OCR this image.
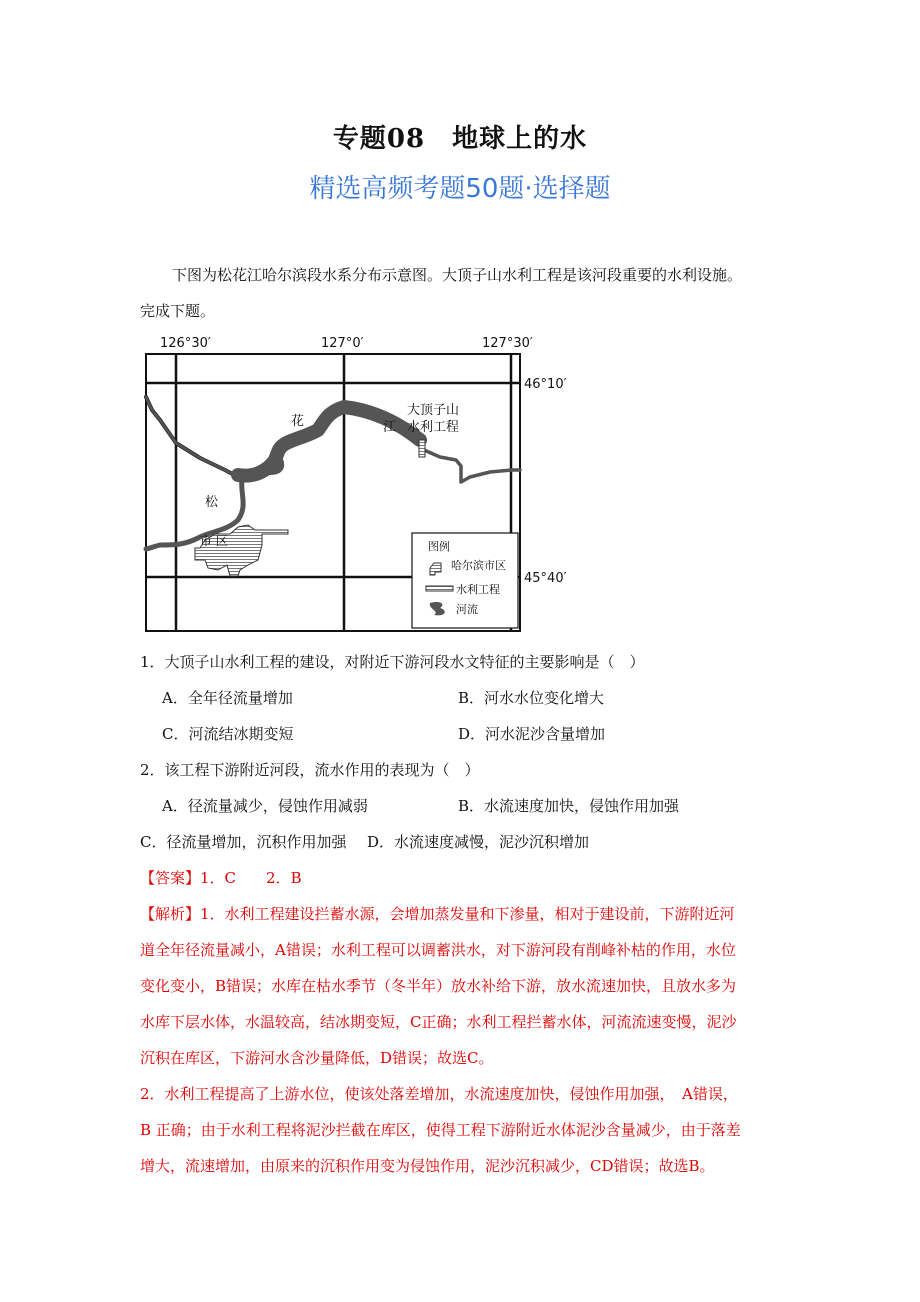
专题08　地球上的水
精选高频考题50题·选择题
下图为松花江哈尔滨段水系分布示意图。大顶子山水利工程是该河段重要的水利设施。
完成下题。
126°30′	127°0′	127°30′
46°10′
45°40′
松
花	江
大顶子山
水利工程
市 区	图例
哈尔滨市区
水利工程
河流
1．大顶子山水利工程的建设，对附近下游河段水文特征的主要影响是（　）
A．全年径流量增加	B．河水水位变化增大
C．河流结冰期变短	D．河水泥沙含量增加
2．该工程下游附近河段，流水作用的表现为（　）
A．径流量减少，侵蚀作用减弱	B．水流速度加快，侵蚀作用加强
C．径流量增加，沉积作用加强 D．水流速度减慢，泥沙沉积增加
【答案】1．C　　2．B
【解析】1．水利工程建设拦蓄水源，会增加蒸发量和下渗量，相对于建设前，下游附近河
道全年径流量减小，A错误；水利工程可以调蓄洪水，对下游河段有削峰补枯的作用，水位
变化变小，B错误；水库在枯水季节（冬半年）放水补给下游，放水流速加快，且放水多为
水库下层水体，水温较高，结冰期变短，C正确；水利工程拦蓄水体，河流流速变慢，泥沙
沉积在库区，下游河水含沙量降低，D错误；故选C。
2．水利工程提高了上游水位，使该处落差增加，水流速度加快，侵蚀作用加强，　A错误，
B 正确；由于水利工程将泥沙拦截在库区，使得工程下游附近水体泥沙含量减少，由于落差
增大，流速增加，由原来的沉积作用变为侵蚀作用，泥沙沉积减少，CD错误；故选B。
